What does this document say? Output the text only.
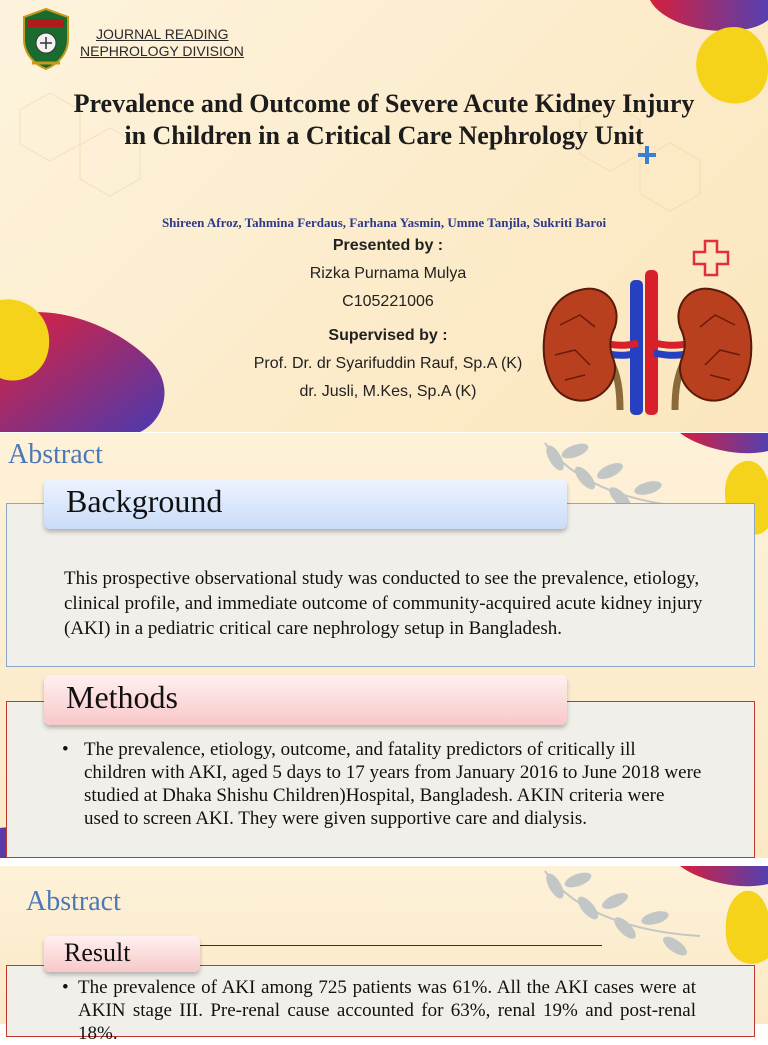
JOURNAL READING
NEPHROLOGY DIVISION
Prevalence and Outcome of Severe Acute Kidney Injury in Children in a Critical Care Nephrology Unit
Shireen Afroz, Tahmina Ferdaus, Farhana Yasmin, Umme Tanjila, Sukriti Baroi
Presented by :
Rizka Purnama Mulya
C105221006
Supervised by :
Prof. Dr. dr Syarifuddin Rauf, Sp.A (K)
dr. Jusli, M.Kes, Sp.A (K)
Abstract
Background
This prospective observational study was conducted to see the prevalence, etiology, clinical profile, and immediate outcome of community-acquired acute kidney injury (AKI) in a pediatric critical care nephrology setup in Bangladesh.
Methods
• The prevalence, etiology, outcome, and fatality predictors of critically ill children with AKI, aged 5 days to 17 years from January 2016 to June 2018 were studied at Dhaka Shishu Children)Hospital, Bangladesh. AKIN criteria were used to screen AKI. They were given supportive care and dialysis.
Abstract
Result
• The prevalence of AKI among 725 patients was 61%. All the AKI cases were at AKIN stage III. Pre-renal cause accounted for 63%, renal 19% and post-renal 18%.
